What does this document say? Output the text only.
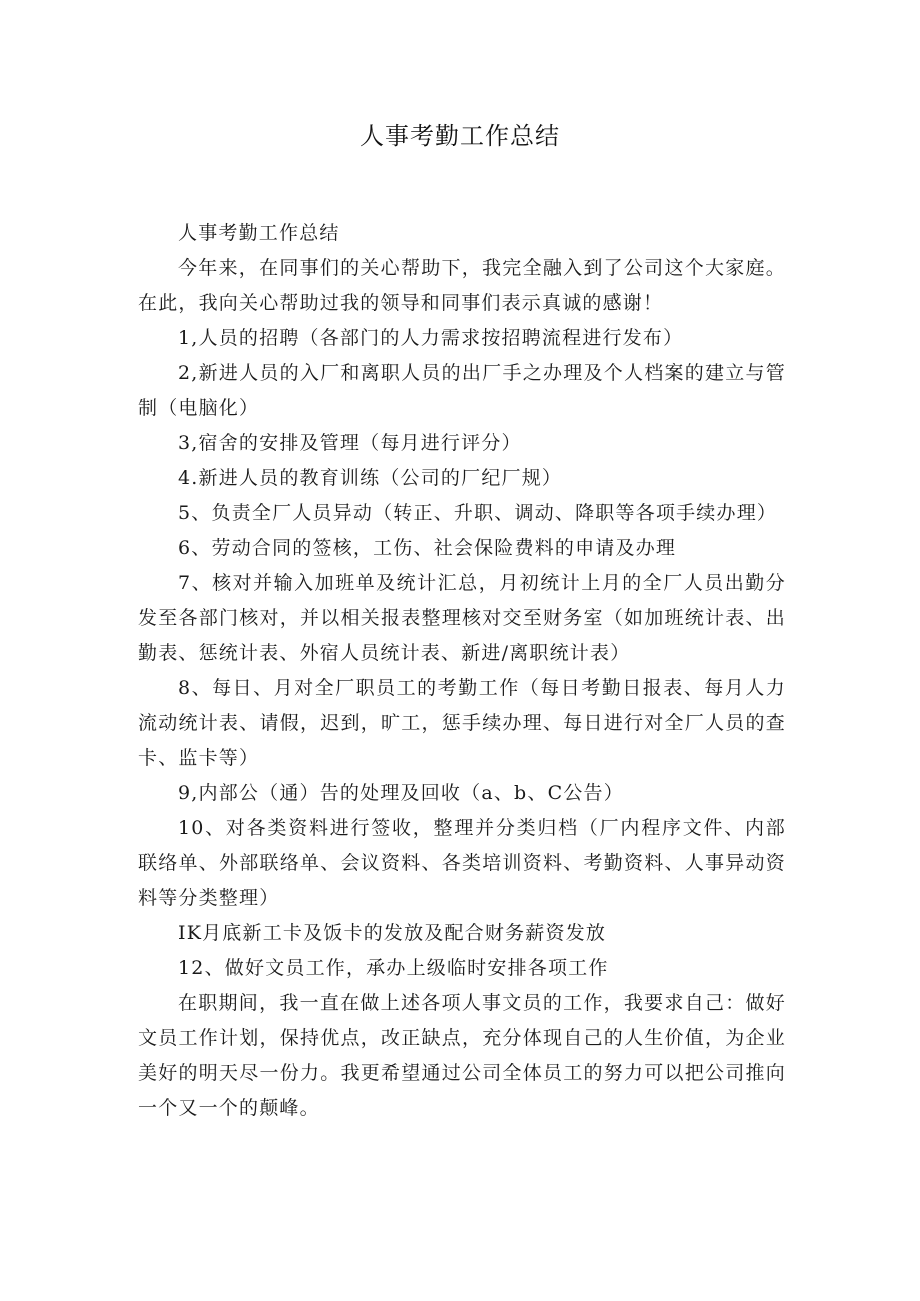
人事考勤工作总结

人事考勤工作总结

今年来，在同事们的关心帮助下，我完全融入到了公司这个大家庭。在此，我向关心帮助过我的领导和同事们表示真诚的感谢！

1,人员的招聘（各部门的人力需求按招聘流程进行发布）

2,新进人员的入厂和离职人员的出厂手之办理及个人档案的建立与管制（电脑化）

3,宿舍的安排及管理（每月进行评分）

4.新进人员的教育训练（公司的厂纪厂规）

5、负责全厂人员异动（转正、升职、调动、降职等各项手续办理）

6、劳动合同的签核，工伤、社会保险费料的申请及办理

7、核对并输入加班单及统计汇总，月初统计上月的全厂人员出勤分发至各部门核对，并以相关报表整理核对交至财务室（如加班统计表、出勤表、惩统计表、外宿人员统计表、新进/离职统计表）

8、每日、月对全厂职员工的考勤工作（每日考勤日报表、每月人力流动统计表、请假，迟到，旷工，惩手续办理、每日进行对全厂人员的查卡、监卡等）

9,内部公（通）告的处理及回收（a、b、C公告）

10、对各类资料进行签收，整理并分类归档（厂内程序文件、内部联络单、外部联络单、会议资料、各类培训资料、考勤资料、人事异动资料等分类整理）

IK月底新工卡及饭卡的发放及配合财务薪资发放

12、做好文员工作，承办上级临时安排各项工作

在职期间，我一直在做上述各项人事文员的工作，我要求自己：做好文员工作计划，保持优点，改正缺点，充分体现自己的人生价值，为企业美好的明天尽一份力。我更希望通过公司全体员工的努力可以把公司推向一个又一个的颠峰。
